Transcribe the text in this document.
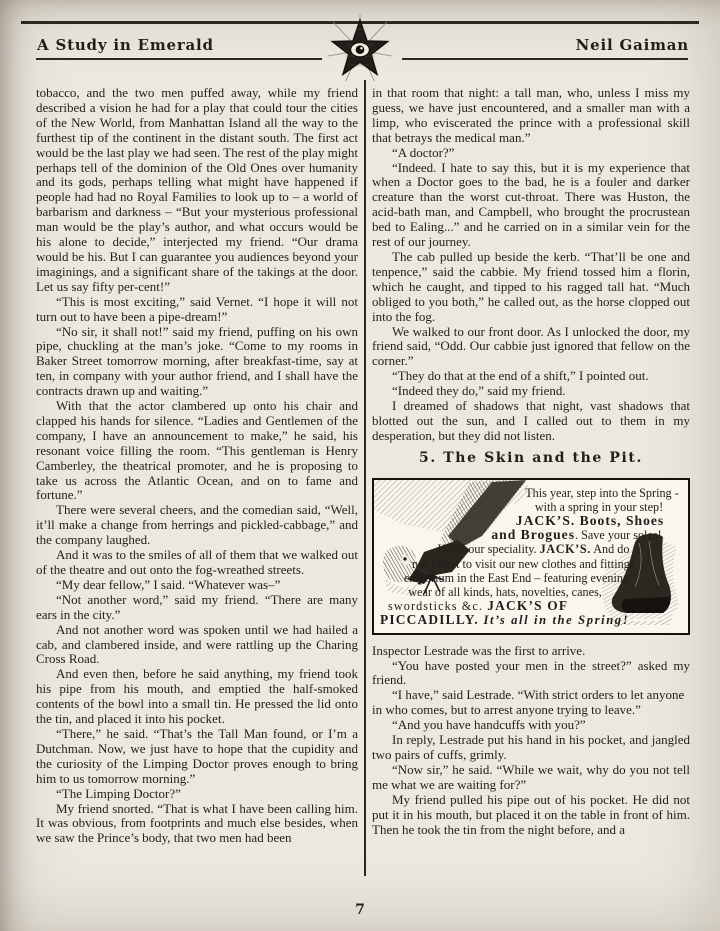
A Study in Emerald	Neil Gaiman

tobacco, and the two men puffed away, while my friend described a vision he had for a play that could tour the cities of the New World, from Manhattan Island all the way to the furthest tip of the continent in the distant south. The first act would be the last play we had seen. The rest of the play might perhaps tell of the dominion of the Old Ones over humanity and its gods, perhaps telling what might have happened if people had had no Royal Families to look up to – a world of barbarism and darkness – “But your mysterious professional man would be the play’s author, and what occurs would be his alone to decide,” interjected my friend. “Our drama would be his. But I can guarantee you audiences beyond your imaginings, and a significant share of the takings at the door. Let us say fifty per-cent!”

“This is most exciting,” said Vernet. “I hope it will not turn out to have been a pipe-dream!”

“No sir, it shall not!” said my friend, puffing on his own pipe, chuckling at the man’s joke. “Come to my rooms in Baker Street tomorrow morning, after breakfast-time, say at ten, in company with your author friend, and I shall have the contracts drawn up and waiting.”

With that the actor clambered up onto his chair and clapped his hands for silence. “Ladies and Gentlemen of the company, I have an announcement to make,” he said, his resonant voice filling the room. “This gentleman is Henry Camberley, the theatrical promoter, and he is proposing to take us across the Atlantic Ocean, and on to fame and fortune.”

There were several cheers, and the comedian said, “Well, it’ll make a change from herrings and pickled-cabbage,” and the company laughed.

And it was to the smiles of all of them that we walked out of the theatre and out onto the fog-wreathed streets.

“My dear fellow,” I said. “Whatever was–”

“Not another word,” said my friend. “There are many ears in the city.”

And not another word was spoken until we had hailed a cab, and clambered inside, and were rattling up the Charing Cross Road.

And even then, before he said anything, my friend took his pipe from his mouth, and emptied the half-smoked contents of the bowl into a small tin. He pressed the lid onto the tin, and placed it into his pocket.

“There,” he said. “That’s the Tall Man found, or I’m a Dutchman. Now, we just have to hope that the cupidity and the curiosity of the Limping Doctor proves enough to bring him to us tomorrow morning.”

“The Limping Doctor?”

My friend snorted. “That is what I have been calling him. It was obvious, from footprints and much else besides, when we saw the Prince’s body, that two men had been

in that room that night: a tall man, who, unless I miss my guess, we have just encountered, and a smaller man with a limp, who eviscerated the prince with a professional skill that betrays the medical man.”

“A doctor?”

“Indeed. I hate to say this, but it is my experience that when a Doctor goes to the bad, he is a fouler and darker creature than the worst cut-throat. There was Huston, the acid-bath man, and Campbell, who brought the procrustean bed to Ealing...” and he carried on in a similar vein for the rest of our journey.

The cab pulled up beside the kerb. “That’ll be one and tenpence,” said the cabbie. My friend tossed him a florin, which he caught, and tipped to his ragged tall hat. “Much obliged to you both,” he called out, as the horse clopped out into the fog.

We walked to our front door. As I unlocked the door, my friend said, “Odd. Our cabbie just ignored that fellow on the corner.”

“They do that at the end of a shift,” I pointed out.

“Indeed they do,” said my friend.

I dreamed of shadows that night, vast shadows that blotted out the sun, and I called out to them in my desperation, but they did not listen.

5. The Skin and the Pit.

This year, step into the Spring -
with a spring in your step!
JACK’S. Boots, Shoes
and Brogues. Save your soles!
Heels our speciality. JACK’S. And do
not forget to visit our new clothes and fittings
emporium in the East End – featuring evening
wear of all kinds, hats, novelties, canes,
swordsticks &c. JACK’S OF
PICCADILLY. It’s all in the Spring!

Inspector Lestrade was the first to arrive.

“You have posted your men in the street?” asked my friend.

“I have,” said Lestrade. “With strict orders to let anyone

in who comes, but to arrest anyone trying to leave.”

“And you have handcuffs with you?”

In reply, Lestrade put his hand in his pocket, and jangled two pairs of cuffs, grimly.

“Now sir,” he said. “While we wait, why do you not tell me what we are waiting for?”

My friend pulled his pipe out of his pocket. He did not put it in his mouth, but placed it on the table in front of him. Then he took the tin from the night before, and a

7
